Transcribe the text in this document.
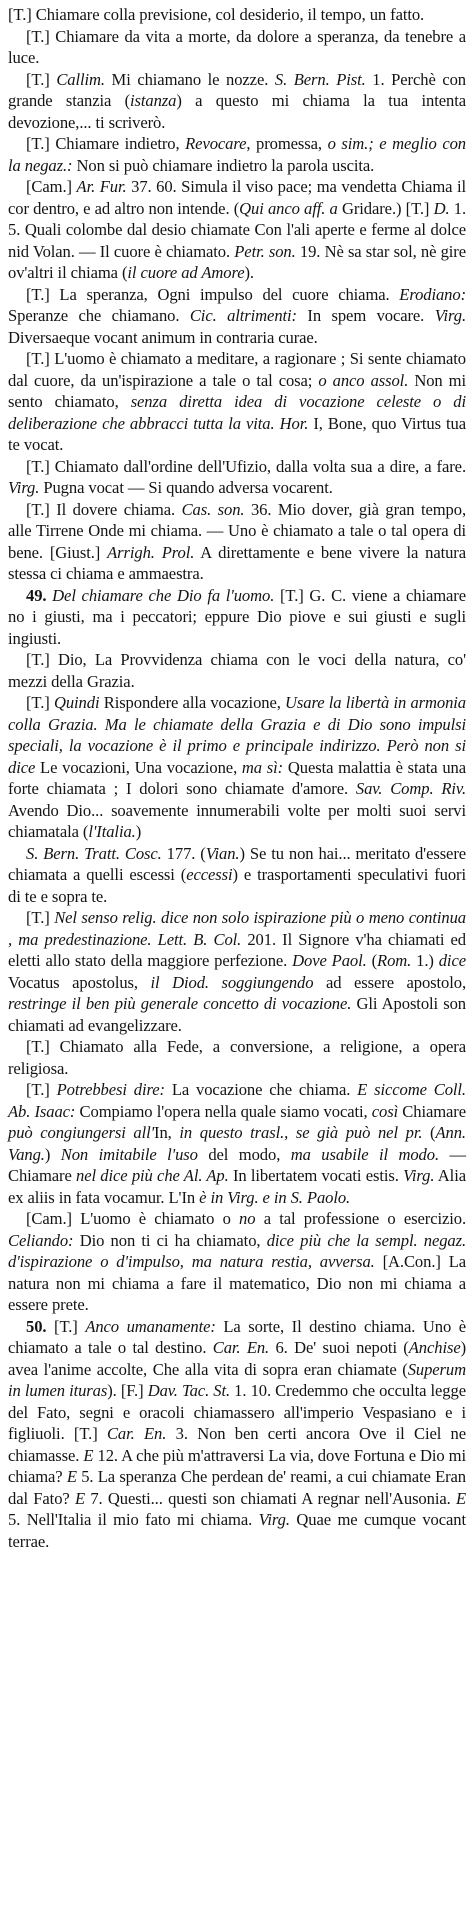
[T.] Chiamare colla previsione, col desiderio, il tempo, un fatto.

[T.] Chiamare da vita a morte, da dolore a speranza, da tenebre a luce.

[T.] Callim. Mi chiamano le nozze. S. Bern. Pist. 1. Perchè con grande stanzia (istanza) a questo mi chiama la tua intenta devozione,... ti scriverò.

[T.] Chiamare indietro, Revocare, promessa, o sim.; e meglio con la negaz.: Non si può chiamare indietro la parola uscita.

[Cam.] Ar. Fur. 37. 60. Simula il viso pace; ma vendetta Chiama il cor dentro, e ad altro non intende. (Qui anco aff. a Gridare.) [T.] D. 1. 5. Quali colombe dal desio chiamate Con l'ali aperte e ferme al dolce nid Volan. — Il cuore è chiamato. Petr. son. 19. Nè sa star sol, nè gire ov'altri il chiama (il cuore ad Amore).

[T.] La speranza, Ogni impulso del cuore chiama. Erodiano: Speranze che chiamano. Cic. altrimenti: In spem vocare. Virg. Diversaeque vocant animum in contraria curae.

[T.] L'uomo è chiamato a meditare, a ragionare ; Si sente chiamato dal cuore, da un'ispirazione a tale o tal cosa; o anco assol. Non mi sento chiamato, senza diretta idea di vocazione celeste o di deliberazione che abbracci tutta la vita. Hor. I, Bone, quo Virtus tua te vocat.

[T.] Chiamato dall'ordine dell'Ufizio, dalla volta sua a dire, a fare. Virg. Pugna vocat — Si quando adversa vocarent.

[T.] Il dovere chiama. Cas. son. 36. Mio dover, già gran tempo, alle Tirrene Onde mi chiama. — Uno è chiamato a tale o tal opera di bene. [Giust.] Arrigh. Prol. A direttamente e bene vivere la natura stessa ci chiama e ammaestra.

49. Del chiamare che Dio fa l'uomo. [T.] G. C. viene a chiamare no i giusti, ma i peccatori; eppure Dio piove e sui giusti e sugli ingiusti.

[T.] Dio, La Provvidenza chiama con le voci della natura, co' mezzi della Grazia.

[T.] Quindi Rispondere alla vocazione, Usare la libertà in armonia colla Grazia. Ma le chiamate della Grazia e di Dio sono impulsi speciali, la vocazione è il primo e principale indirizzo. Però non si dice Le vocazioni, Una vocazione, ma sì: Questa malattia è stata una forte chiamata ; I dolori sono chiamate d'amore. Sav. Comp. Riv. Avendo Dio... soavemente innumerabili volte per molti suoi servi chiamatala (l'Italia.)

S. Bern. Tratt. Cosc. 177. (Vian.) Se tu non hai... meritato d'essere chiamata a quelli escessi (eccessi) e trasportamenti speculativi fuori di te e sopra te.

[T.] Nel senso relig. dice non solo ispirazione più o meno continua , ma predestinazione. Lett. B. Col. 201. Il Signore v'ha chiamati ed eletti allo stato della maggiore perfezione. Dove Paol. (Rom. 1.) dice Vocatus apostolus, il Diod. soggiungendo ad essere apostolo, restringe il ben più generale concetto di vocazione. Gli Apostoli son chiamati ad evangelizzare.

[T.] Chiamato alla Fede, a conversione, a religione, a opera religiosa.

[T.] Potrebbesi dire: La vocazione che chiama. E siccome Coll. Ab. Isaac: Compiamo l'opera nella quale siamo vocati, così Chiamare può congiungersi all'In, in questo trasl., se già può nel pr. (Ann. Vang.) Non imitabile l'uso del modo, ma usabile il modo. — Chiamare nel dice più che Al. Ap. In libertatem vocati estis. Virg. Alia ex aliis in fata vocamur. L'In è in Virg. e in S. Paolo.

[Cam.] L'uomo è chiamato o no a tal professione o esercizio. Celiando: Dio non ti ci ha chiamato, dice più che la sempl. negaz. d'ispirazione o d'impulso, ma natura restia, avversa. [A.Con.] La natura non mi chiama a fare il matematico, Dio non mi chiama a essere prete.

50. [T.] Anco umanamente: La sorte, Il destino chiama. Uno è chiamato a tale o tal destino. Car. En. 6. De' suoi nepoti (Anchise) avea l'anime accolte, Che alla vita di sopra eran chiamate (Superum in lumen ituras). [F.] Dav. Tac. St. 1. 10. Credemmo che occulta legge del Fato, segni e oracoli chiamassero all'imperio Vespasiano e i figliuoli. [T.] Car. En. 3. Non ben certi ancora Ove il Ciel ne chiamasse. E 12. A che più m'attraversi La via, dove Fortuna e Dio mi chiama? E 5. La speranza Che perdean de' reami, a cui chiamate Eran dal Fato? E 7. Questi... questi son chiamati A regnar nell'Ausonia. E 5. Nell'Italia il mio fato mi chiama. Virg. Quae me cumque vocant terrae.
